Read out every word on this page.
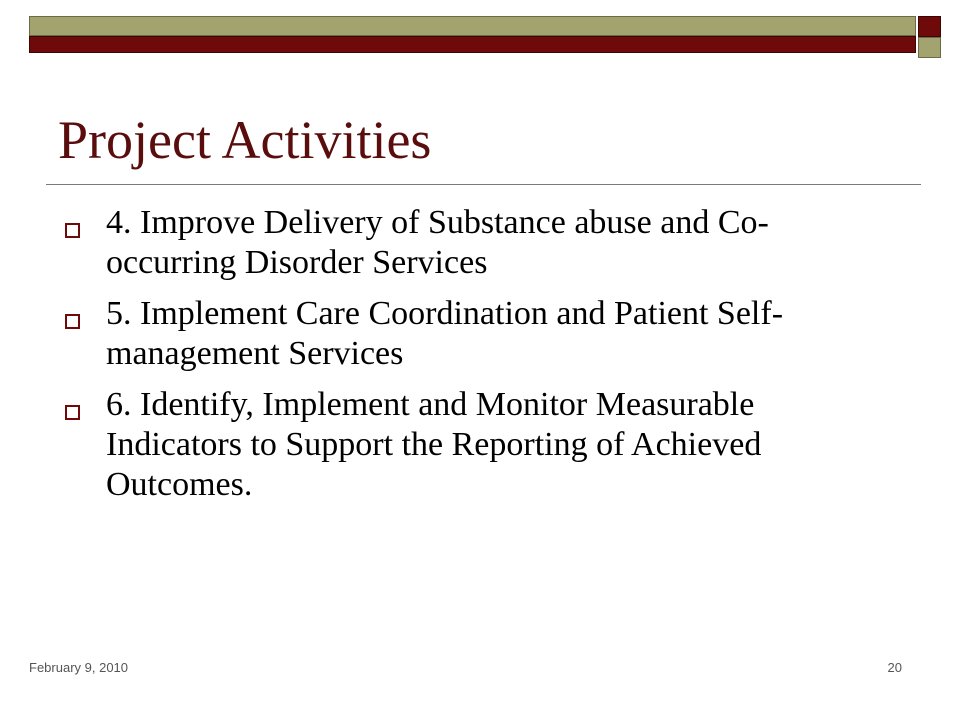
Project Activities
4. Improve Delivery of Substance abuse and Co-occurring Disorder Services
5. Implement Care Coordination and Patient Self-management Services
6. Identify, Implement and Monitor Measurable Indicators to Support the Reporting of Achieved Outcomes.
February 9, 2010	20
